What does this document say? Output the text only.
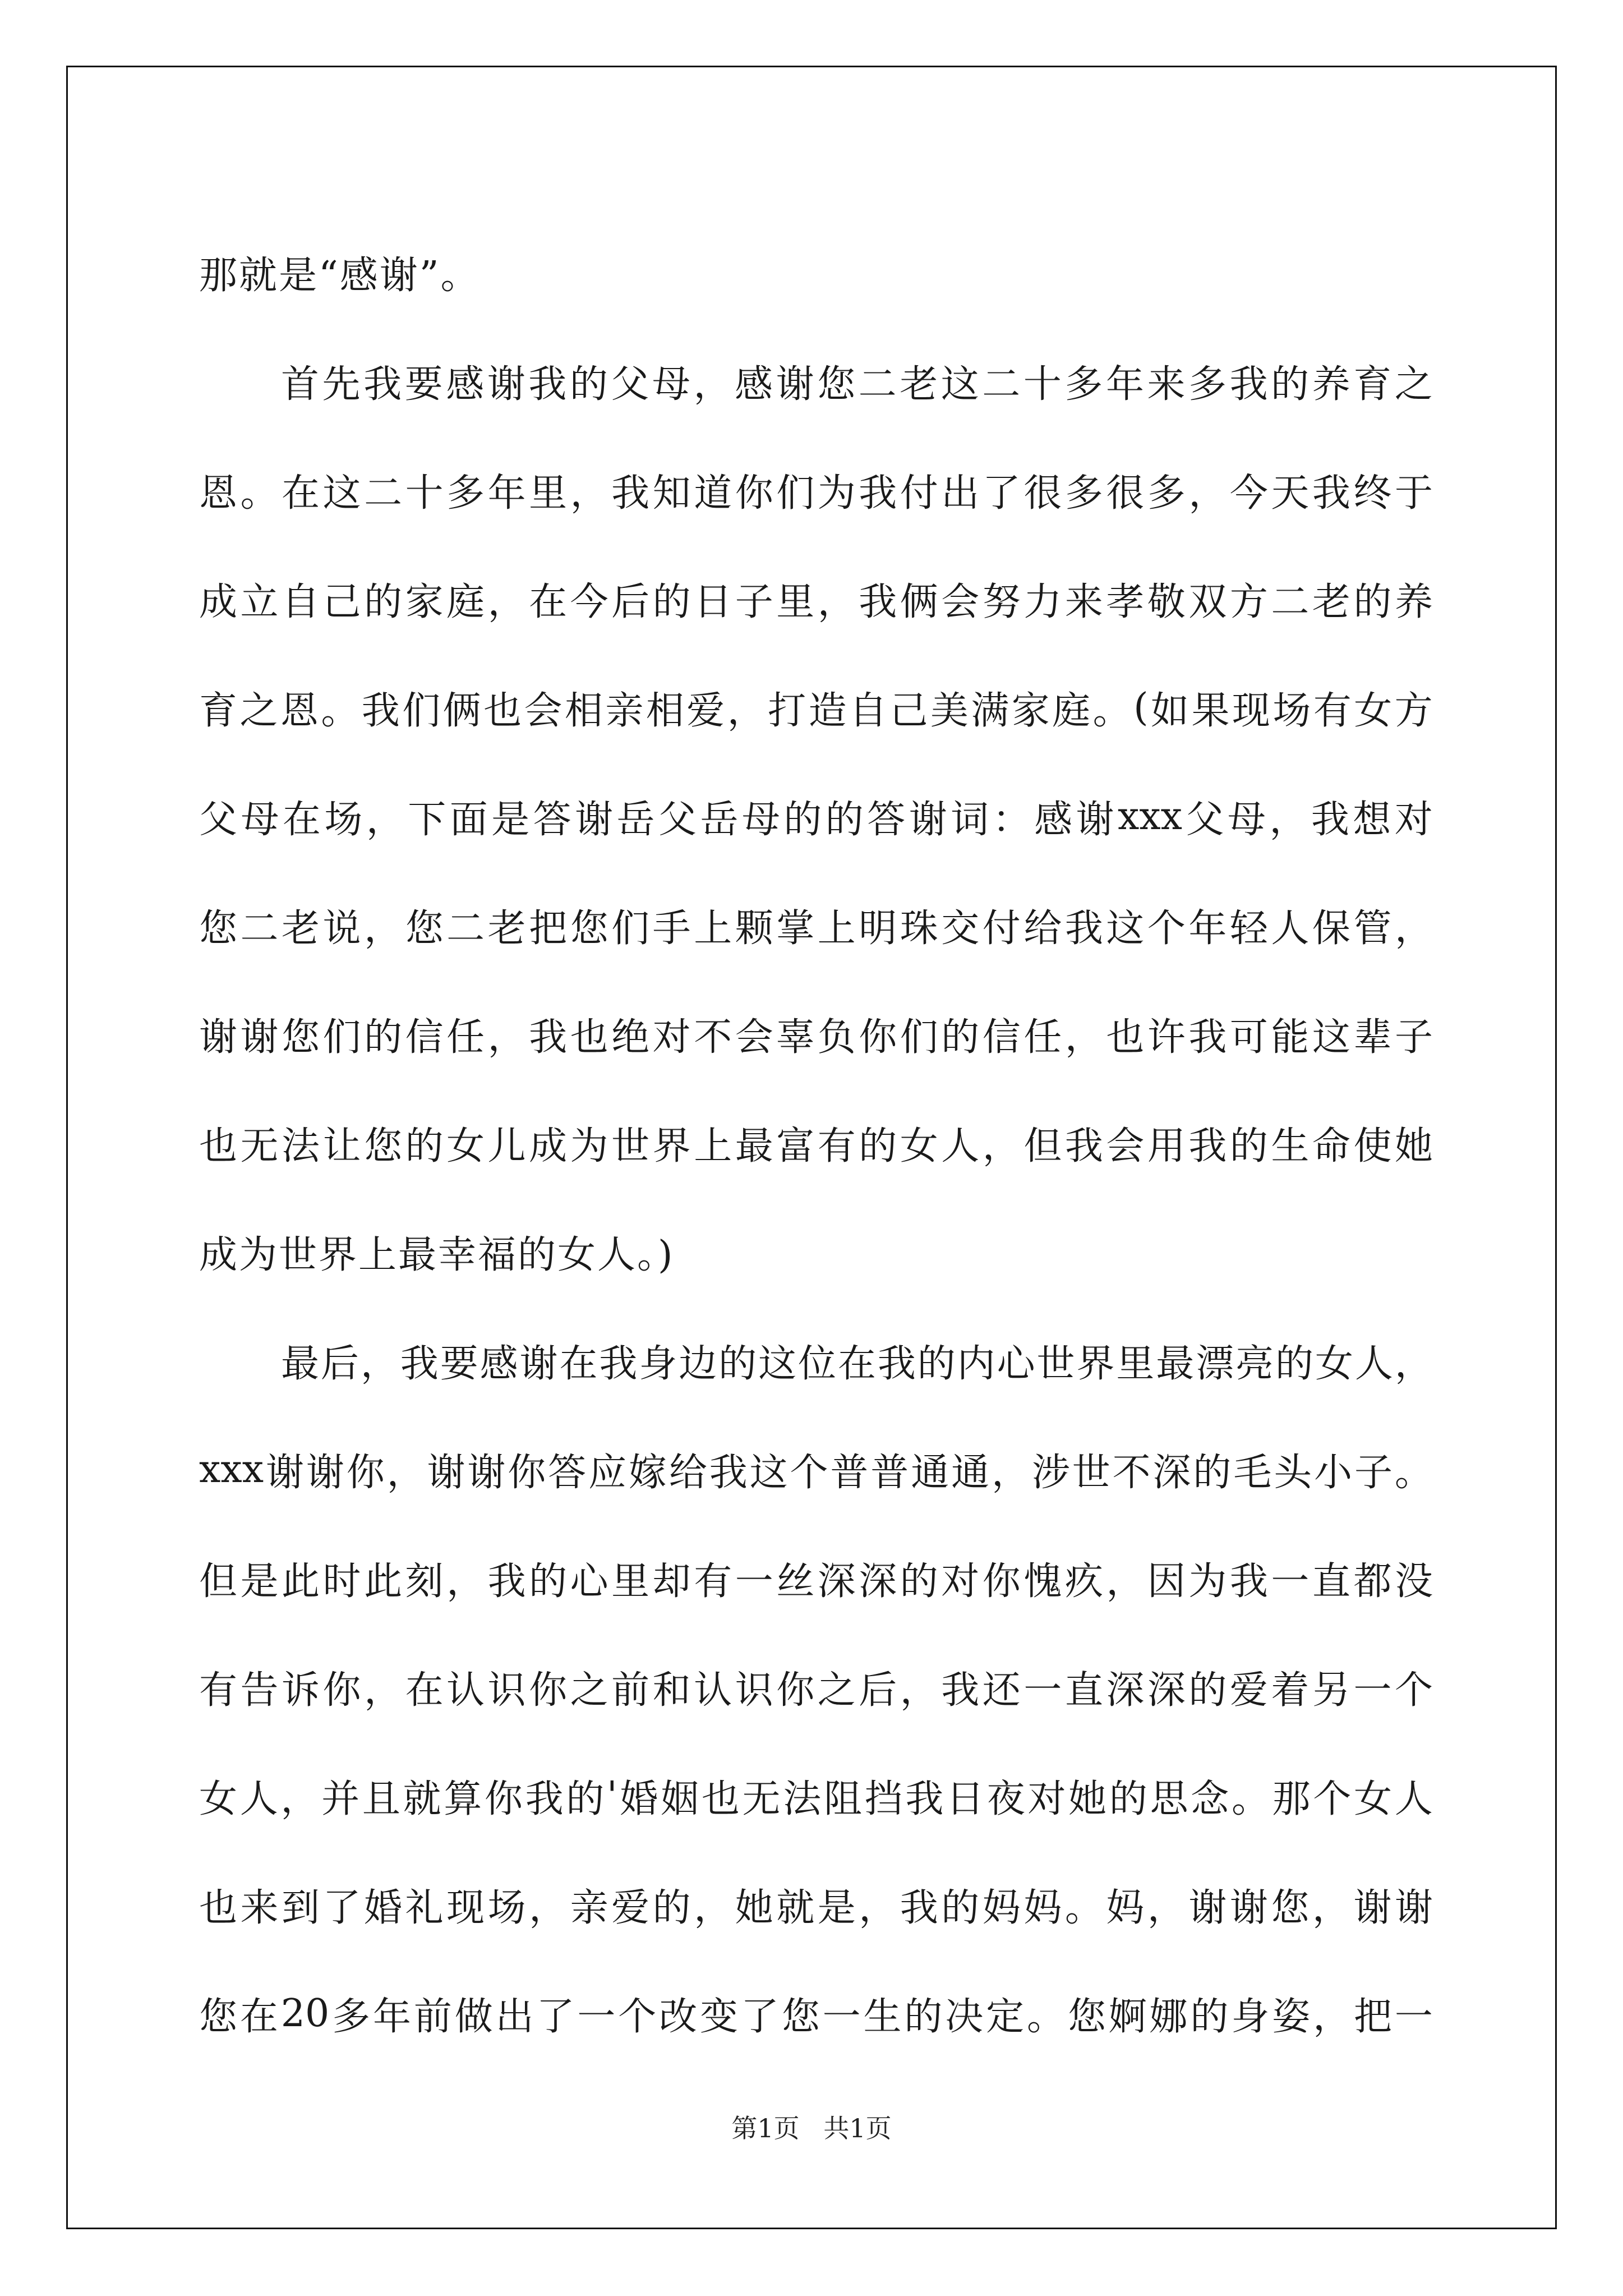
那就是“感谢”。
首 先 我 要 感 谢 我 的 父 母 ， 感 谢 您 二 老 这 二 十 多 年 来 多 我 的 养 育 之
恩 。 在 这 二 十 多 年 里 ， 我 知 道 你 们 为 我 付 出 了 很 多 很 多 ， 今 天 我 终 于
成 立 自 己 的 家 庭 ， 在 今 后 的 日 子 里 ， 我 俩 会 努 力 来 孝 敬 双 方 二 老 的 养
育 之 恩 。 我 们 俩 也 会 相 亲 相 爱 ， 打 造 自 己 美 满 家 庭 。 ( 如 果 现 场 有 女 方
父 母 在 场 ， 下 面 是 答 谢 岳 父 岳 母 的 的 答 谢 词 ： 感 谢 xxx 父 母 ， 我 想 对
您 二 老 说 ， 您 二 老 把 您 们 手 上 颗 掌 上 明 珠 交 付 给 我 这 个 年 轻 人 保 管 ，
谢 谢 您 们 的 信 任 ， 我 也 绝 对 不 会 辜 负 你 们 的 信 任 ， 也 许 我 可 能 这 辈 子
也 无 法 让 您 的 女 儿 成 为 世 界 上 最 富 有 的 女 人 ， 但 我 会 用 我 的 生 命 使 她
成为世界上最幸福的女人。)
最 后 ， 我 要 感 谢 在 我 身 边 的 这 位 在 我 的 内 心 世 界 里 最 漂 亮 的 女 人 ，
xxx 谢 谢 你 ， 谢 谢 你 答 应 嫁 给 我 这 个 普 普 通 通 ， 涉 世 不 深 的 毛 头 小 子 。
但 是 此 时 此 刻 ， 我 的 心 里 却 有 一 丝 深 深 的 对 你 愧 疚 ， 因 为 我 一 直 都 没
有 告 诉 你 ， 在 认 识 你 之 前 和 认 识 你 之 后 ， 我 还 一 直 深 深 的 爱 着 另 一 个
女 人 ， 并 且 就 算 你 我 的 ' 婚 姻 也 无 法 阻 挡 我 日 夜 对 她 的 思 念 。 那 个 女 人
也 来 到 了 婚 礼 现 场 ， 亲 爱 的 ， 她 就 是 ， 我 的 妈 妈 。 妈 ， 谢 谢 您 ， 谢 谢
您 在 20 多 年 前 做 出 了 一 个 改 变 了 您 一 生 的 决 定 。 您 婀 娜 的 身 姿 ， 把 一
第1页 共1页
